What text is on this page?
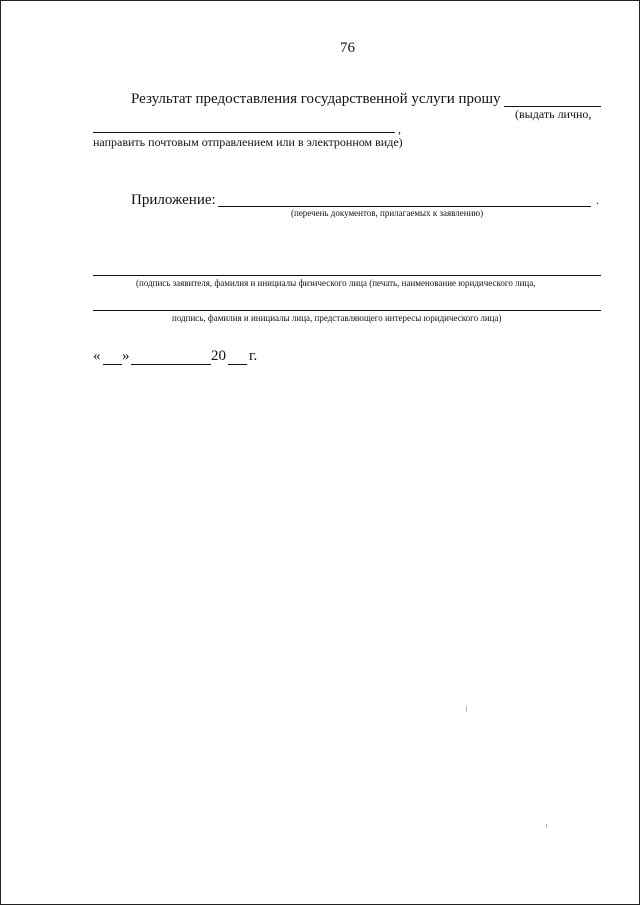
76
Результат предоставления государственной услуги прошу
(выдать лично,
,
направить почтовым отправлением или в электронном виде)
Приложение:	.
(перечень документов, прилагаемых к заявлению)
(подпись заявителя, фамилия и инициалы физического лица (печать, наименование юридического лица,
подпись, фамилия и инициалы лица, представляющего интересы юридического лица)
« »	20 г.
